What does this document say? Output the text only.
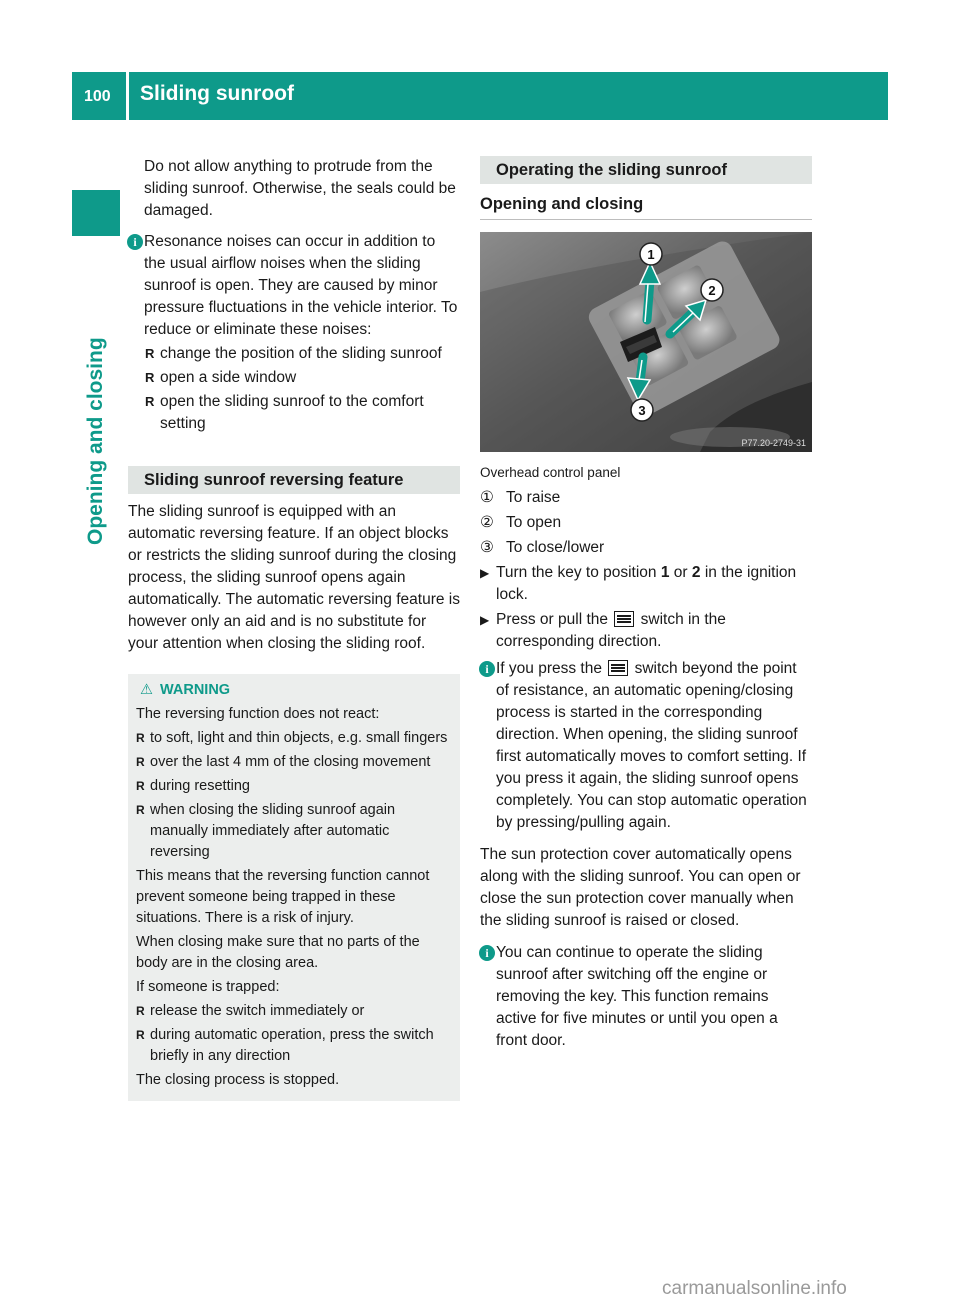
100 Sliding sunroof
Opening and closing

Do not allow anything to protrude from the sliding sunroof. Otherwise, the seals could be damaged.

i Resonance noises can occur in addition to the usual airflow noises when the sliding sunroof is open. They are caused by minor pressure fluctuations in the vehicle interior. To reduce or eliminate these noises:

R change the position of the sliding sunroof
R open a side window
R open the sliding sunroof to the comfort setting
Sliding sunroof reversing feature

The sliding sunroof is equipped with an automatic reversing feature. If an object blocks or restricts the sliding sunroof during the closing process, the sliding sunroof opens again automatically. The automatic reversing feature is however only an aid and is no substitute for your attention when closing the sliding roof.

⚠ WARNING

The reversing function does not react:

R to soft, light and thin objects, e.g. small fingers
R over the last 4 mm of the closing movement
R during resetting
R when closing the sliding sunroof again manually immediately after automatic reversing

This means that the reversing function cannot prevent someone being trapped in these situations. There is a risk of injury.

When closing make sure that no parts of the body are in the closing area.

If someone is trapped:

R release the switch immediately or
R during automatic operation, press the switch briefly in any direction

The closing process is stopped.

Operating the sliding sunroof
Opening and closing
1
2
3
P77.20-2749-31

Overhead control panel

① To raise
② To open
③ To close/lower
▶ Turn the key to position 1 or 2 in the ignition lock.
▶ Press or pull the  switch in the corresponding direction.
i If you press the  switch beyond the point of resistance, an automatic opening/closing process is started in the corresponding direction. When opening, the sliding sunroof first automatically moves to comfort setting. If you press it again, the sliding sunroof opens completely. You can stop automatic operation by pressing/pulling again.

The sun protection cover automatically opens along with the sliding sunroof. You can open or close the sun protection cover manually when the sliding sunroof is raised or closed.

i You can continue to operate the sliding sunroof after switching off the engine or removing the key. This function remains active for five minutes or until you open a front door.

carmanualsonline.info
